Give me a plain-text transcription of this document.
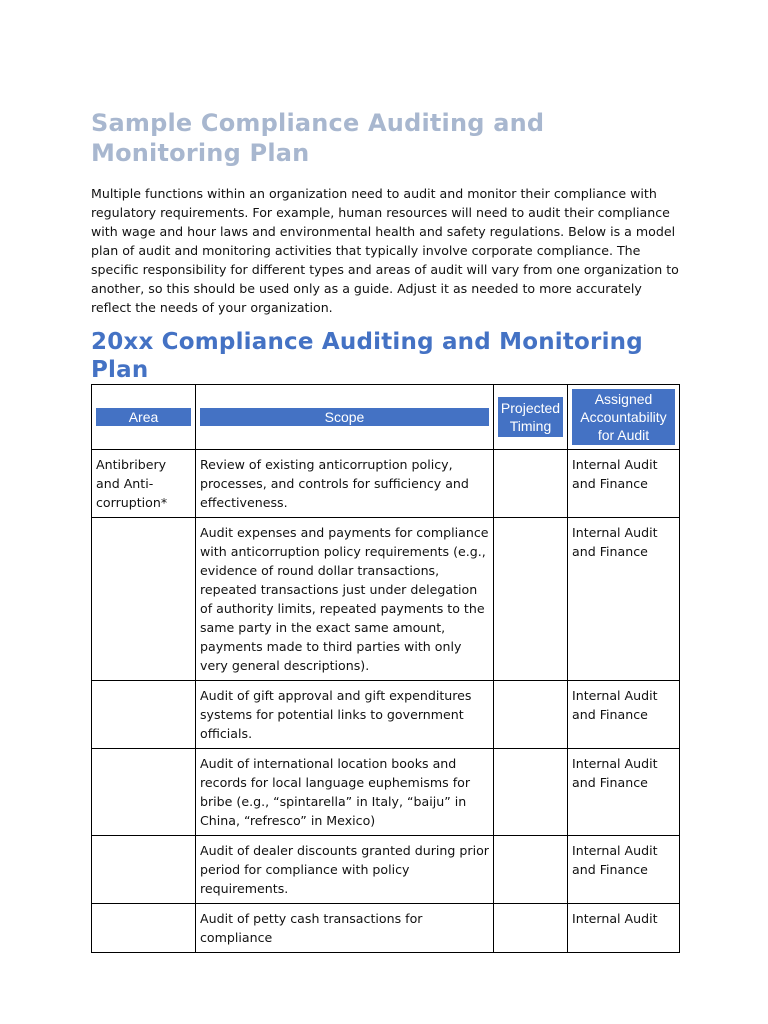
Sample Compliance Auditing and Monitoring Plan

Multiple functions within an organization need to audit and monitor their compliance with regulatory requirements. For example, human resources will need to audit their compliance with wage and hour laws and environmental health and safety regulations. Below is a model plan of audit and monitoring activities that typically involve corporate compliance. The specific responsibility for different types and areas of audit will vary from one organization to another, so this should be used only as a guide. Adjust it as needed to more accurately reflect the needs of your organization.

20xx Compliance Auditing and Monitoring Plan
Area	Scope	Projected Timing	Assigned Accountability for Audit

Antibribery and Anti-corruption*	Review of existing anticorruption policy, processes, and controls for sufficiency and effectiveness.		Internal Audit and Finance
	Audit expenses and payments for compliance with anticorruption policy requirements (e.g., evidence of round dollar transactions, repeated transactions just under delegation of authority limits, repeated payments to the same party in the exact same amount, payments made to third parties with only very general descriptions).		Internal Audit and Finance
	Audit of gift approval and gift expenditures systems for potential links to government officials.		Internal Audit and Finance
	Audit of international location books and records for local language euphemisms for bribe (e.g., “spintarella” in Italy, “baiju” in China, “refresco” in Mexico)		Internal Audit and Finance
	Audit of dealer discounts granted during prior period for compliance with policy requirements.		Internal Audit and Finance
	Audit of petty cash transactions for compliance		Internal Audit
